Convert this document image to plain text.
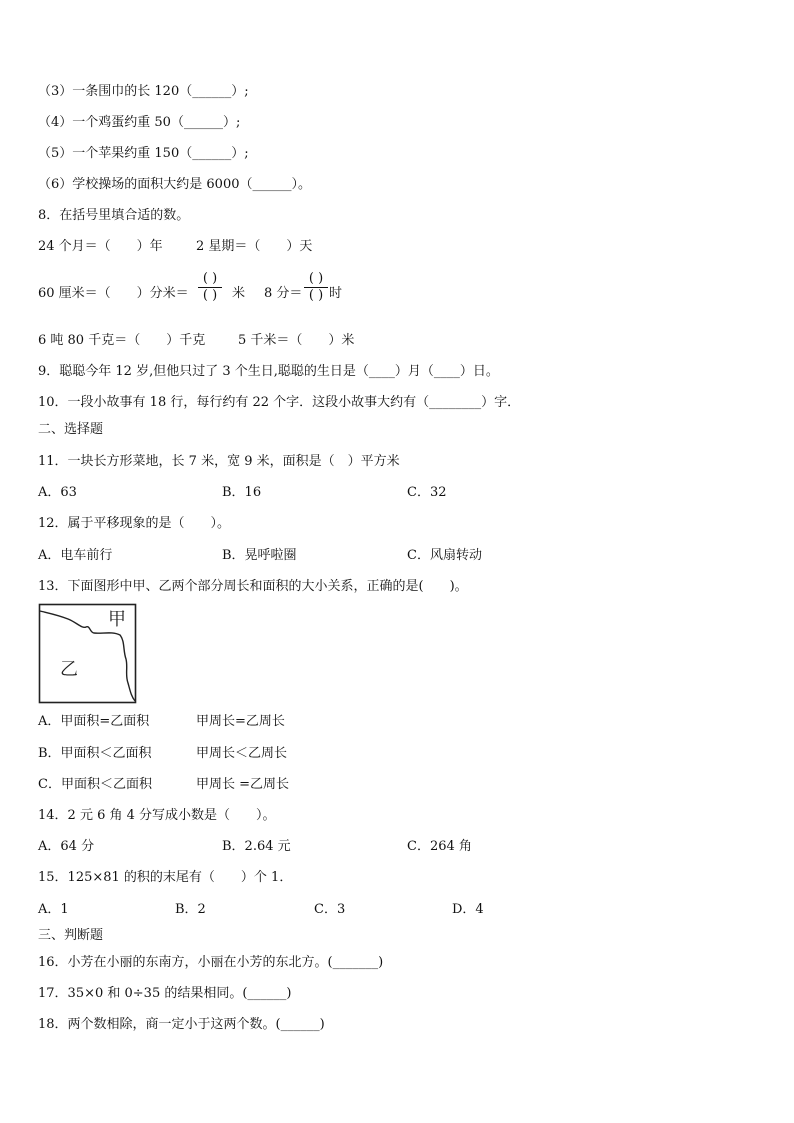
（3）一条围巾的长 120（______）;
（4）一个鸡蛋约重 50（______）;
（5）一个苹果约重 150（______）;
（6）学校操场的面积大约是 6000（______）。
8．在括号里填合适的数。
24 个月＝（　　）年	2 星期＝（　　）天
60 厘米＝（　　）分米＝
( )
( ) 米 8 分＝
( )
( ) 时
6 吨 80 千克＝（　　）千克	5 千米＝（　　）米
9．聪聪今年 12 岁,但他只过了 3 个生日,聪聪的生日是（____）月（____）日。
10．一段小故事有 18 行，每行约有 22 个字．这段小故事大约有（________）字．
二、选择题
11．一块长方形菜地，长 7 米，宽 9 米，面积是（　）平方米
A．63	B．16	C．32
12．属于平移现象的是（　　）。
A．电车前行	B．晃呼啦圈	C．风扇转动
13．下面图形中甲、乙两个部分周长和面积的大小关系，正确的是(　　)。
甲
乙
A．甲面积=乙面积	甲周长=乙周长
B．甲面积＜乙面积	甲周长＜乙周长
C．甲面积＜乙面积	甲周长 =乙周长
14．2 元 6 角 4 分写成小数是（　　）。
A．64 分	B．2.64 元	C．264 角
15．125×81 的积的末尾有（　　）个 1．
A．1	B．2	C．3	D．4
三、判断题
16．小芳在小丽的东南方，小丽在小芳的东北方。(_______)
17．35×0 和 0÷35 的结果相同。(______)
18．两个数相除，商一定小于这两个数。(______)
